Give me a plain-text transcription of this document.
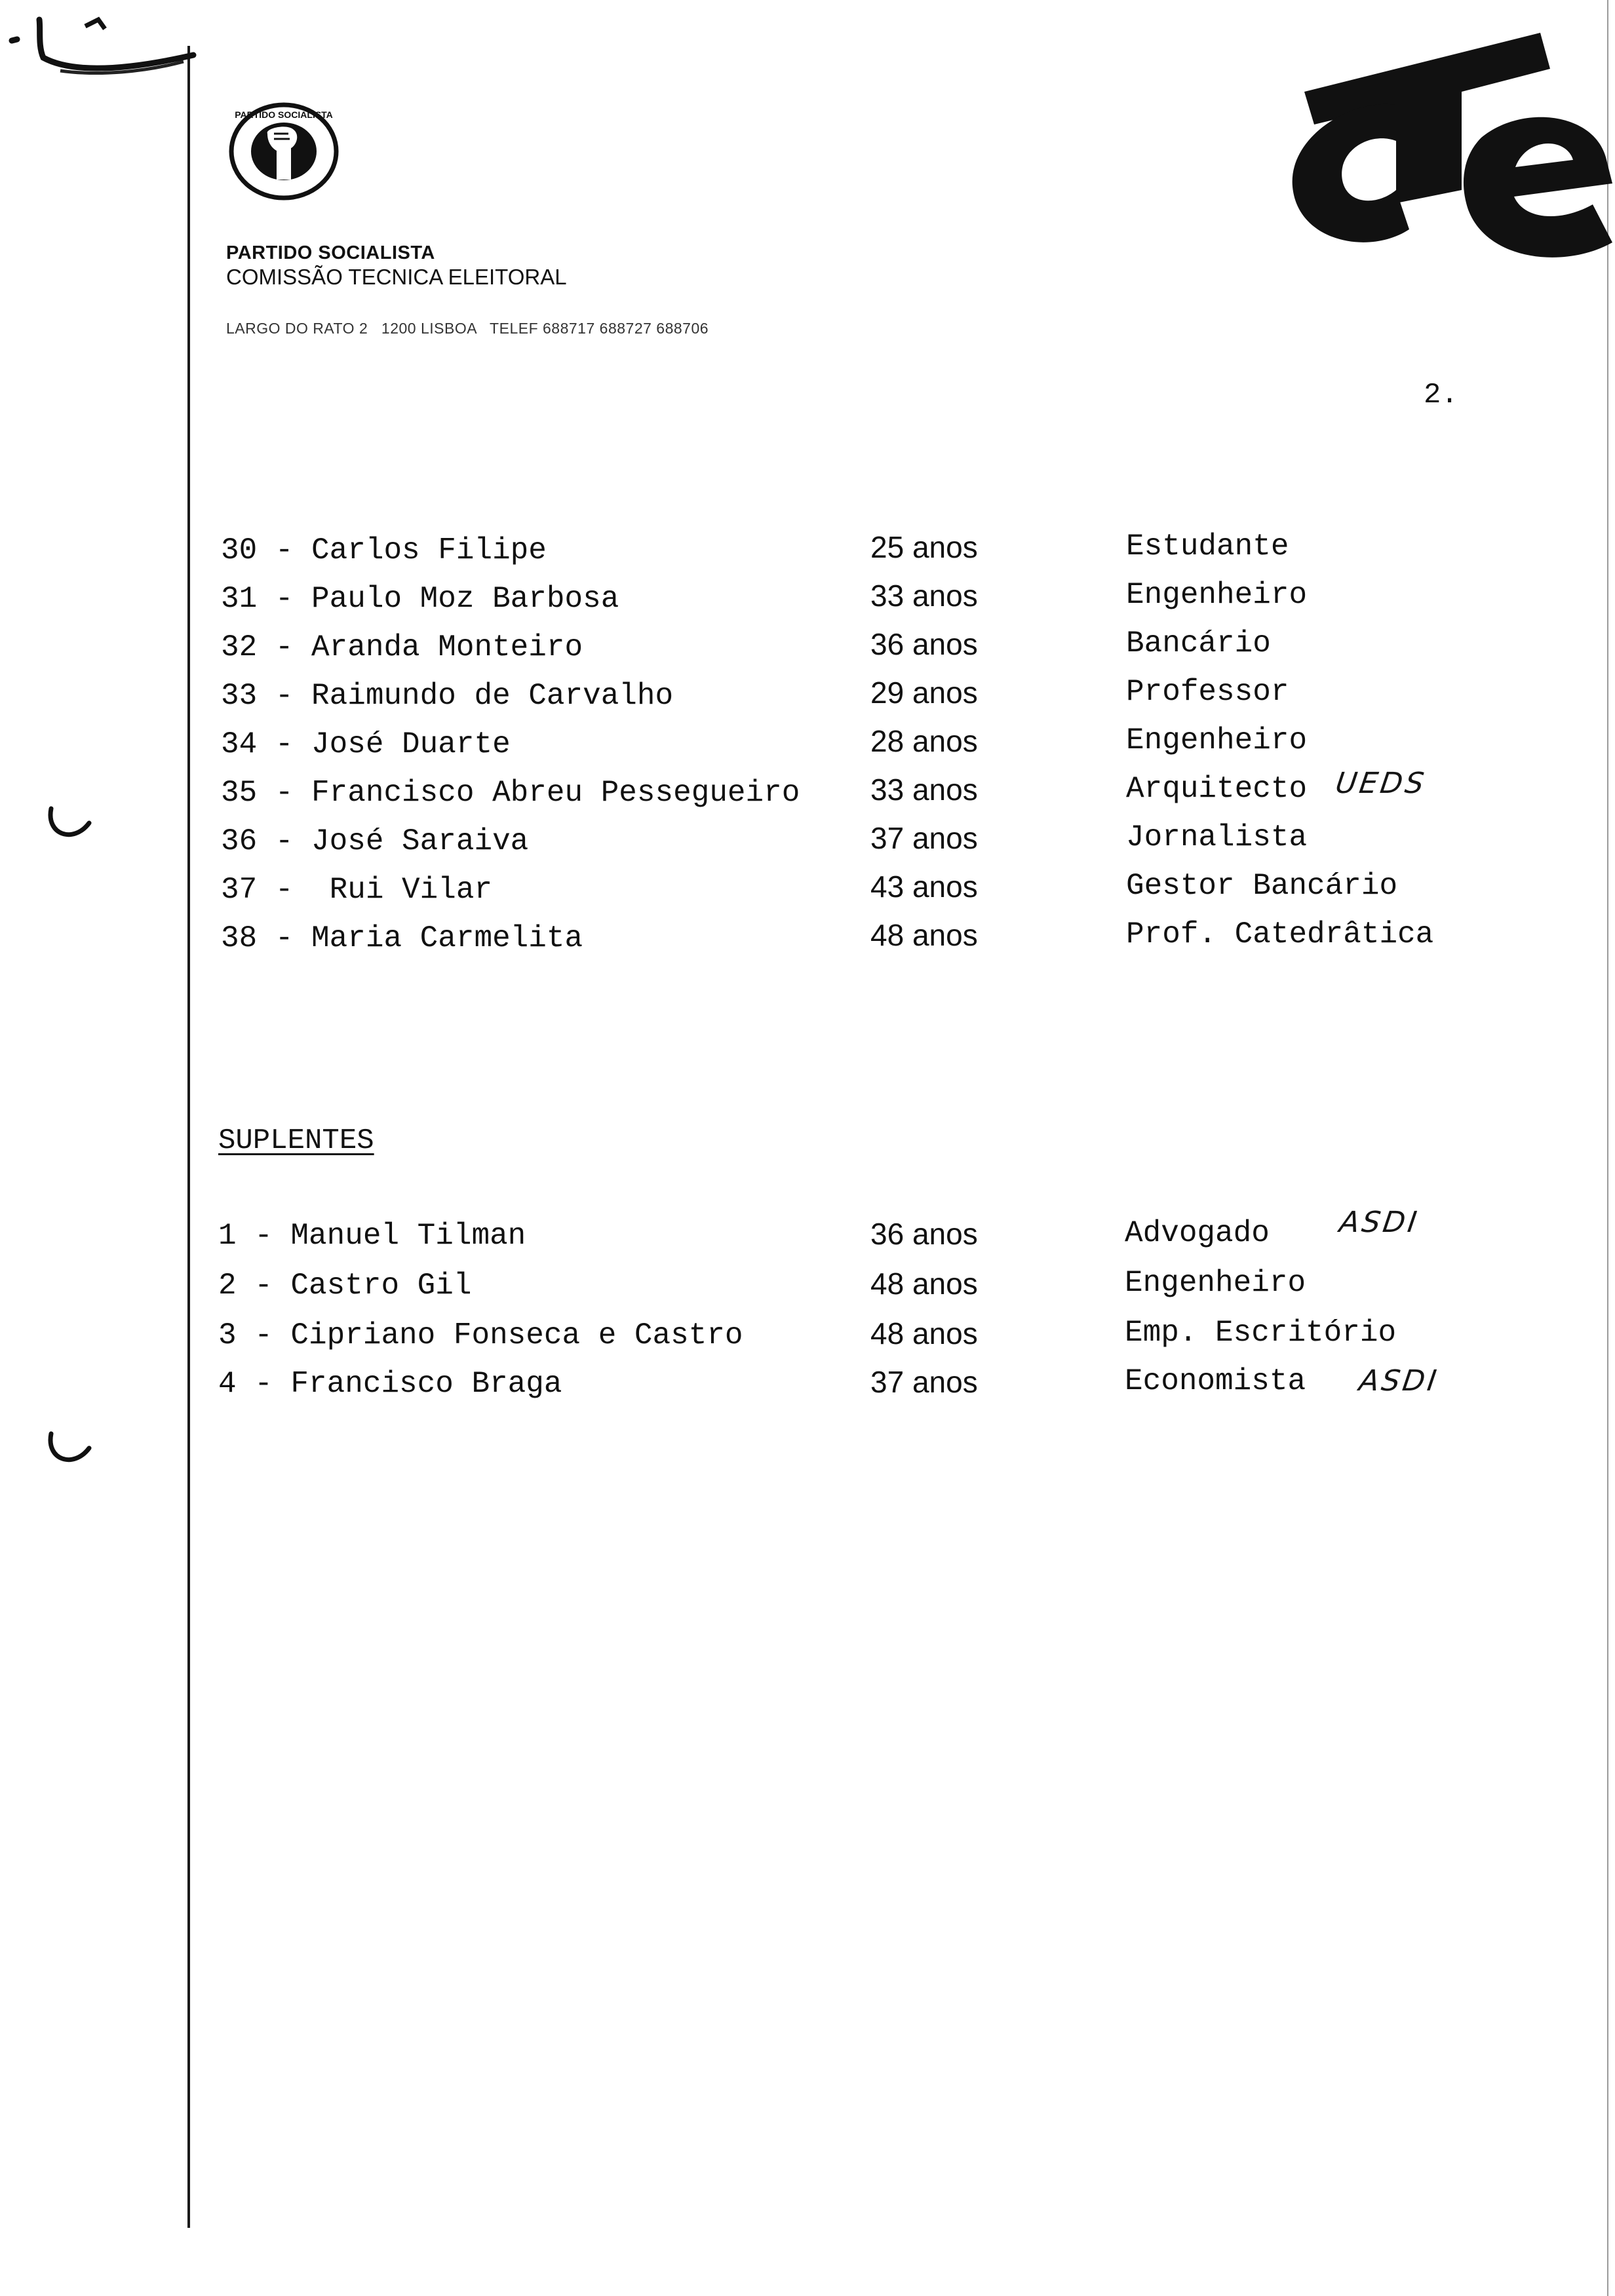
PARTIDO SOCIALISTA
PARTIDO SOCIALISTA
COMISSÃO TECNICA ELEITORAL
LARGO DO RATO 2   1200 LISBOA   TELEF 688717 688727 688706
CTE
2.
30 - Carlos Filipe	25 anos	Estudante
31 - Paulo Moz Barbosa	33 anos	Engenheiro
32 - Aranda Monteiro	36 anos	Bancário
33 - Raimundo de Carvalho	29 anos	Professor
34 - José Duarte	28 anos	Engenheiro
35 - Francisco Abreu Pessegueiro 33 anos	Arquitecto UEDS
36 - José Saraiva	37 anos	Jornalista
37 -  Rui Vilar	43 anos	Gestor Bancário
38 - Maria Carmelita	48 anos	Prof. Catedrâtica
SUPLENTES
1 - Manuel Tilman	36 anos	Advogado ASDI
2 - Castro Gil	48 anos	Engenheiro
3 - Cipriano Fonseca e Castro	48 anos	Emp. Escritório
4 - Francisco Braga	37 anos	Economista ASDI
